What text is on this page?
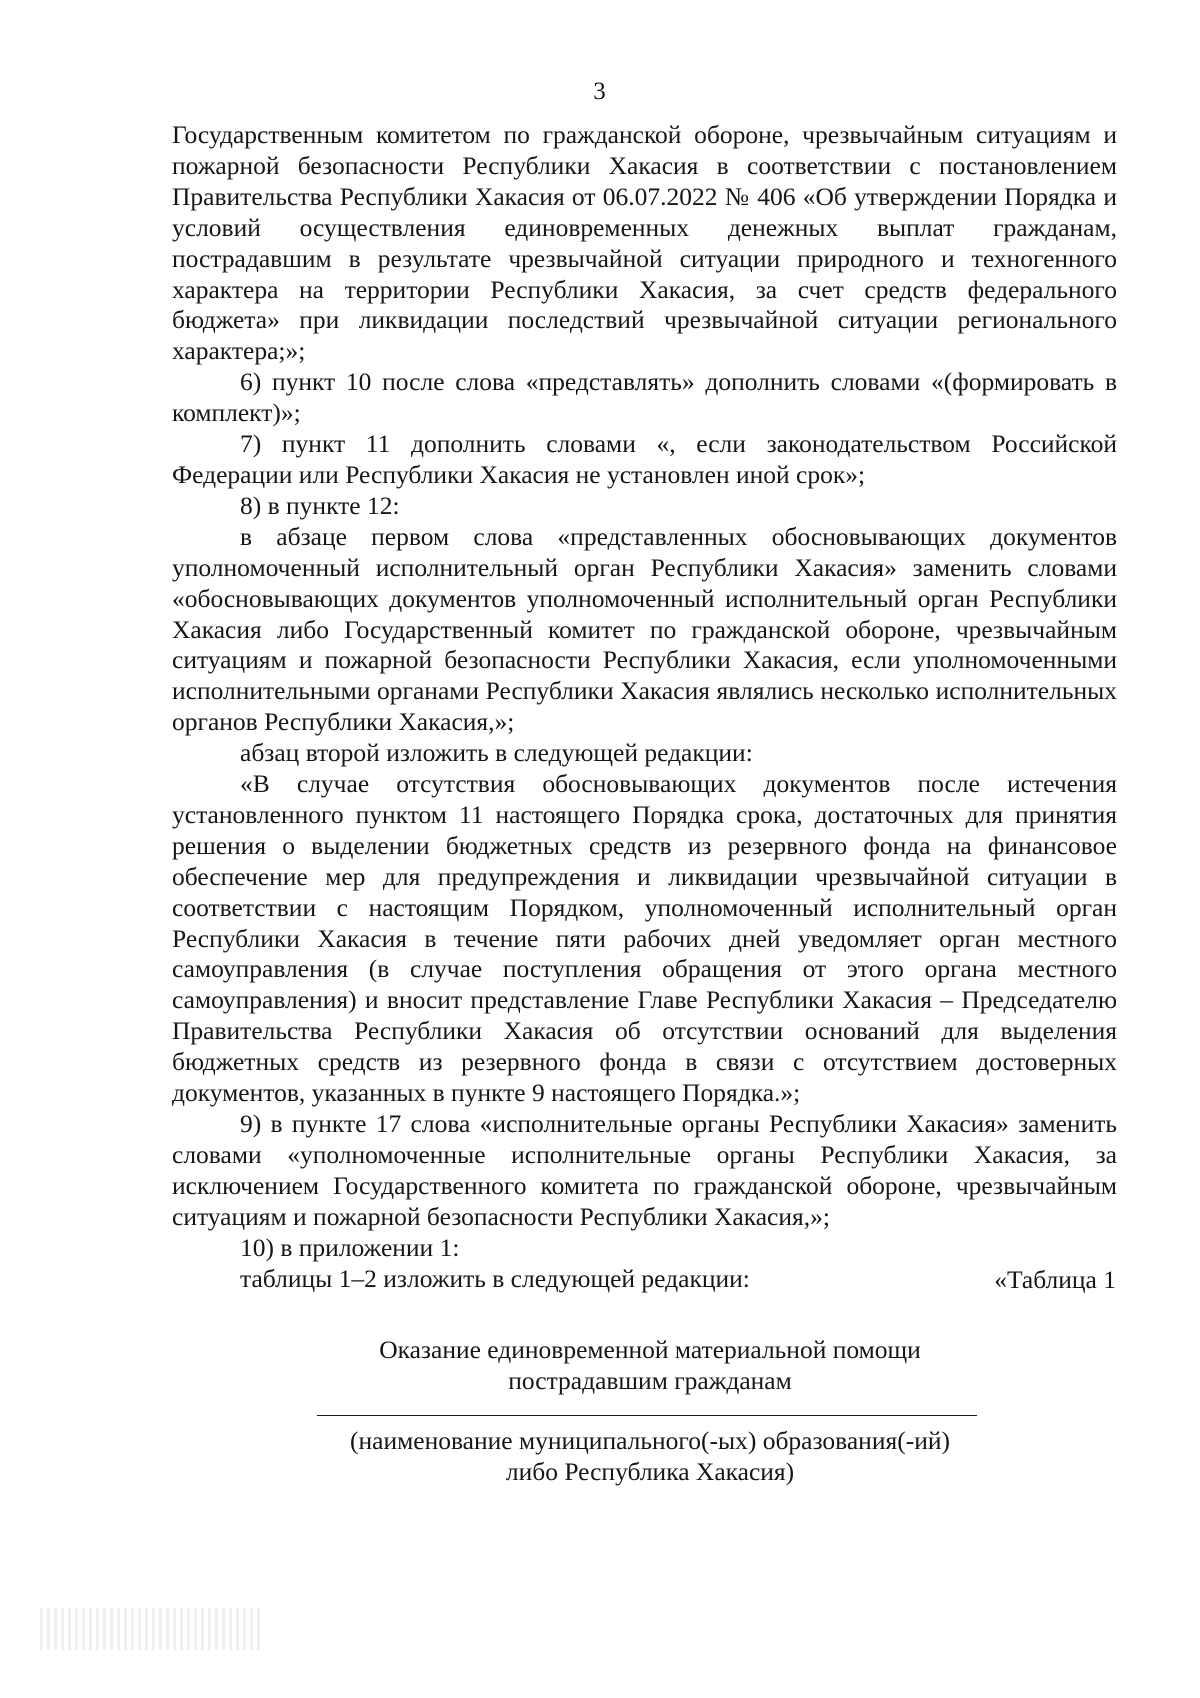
3

Государственным комитетом по гражданской обороне, чрезвычайным ситуациям и пожарной безопасности Республики Хакасия в соответствии с постановлением Правительства Республики Хакасия от 06.07.2022 № 406 «Об утверждении Порядка и условий осуществления единовременных денежных выплат гражданам, пострадавшим в результате чрезвычайной ситуации природного и техногенного характера на территории Республики Хакасия, за счет средств федерального бюджета» при ликвидации последствий чрезвычайной ситуации регионального характера;»;

6) пункт 10 после слова «представлять» дополнить словами «(формировать в комплект)»;

7) пункт 11 дополнить словами «, если законодательством Российской Федерации или Республики Хакасия не установлен иной срок»;

8) в пункте 12:

в абзаце первом слова «представленных обосновывающих документов уполномоченный исполнительный орган Республики Хакасия» заменить словами «обосновывающих документов уполномоченный исполнительный орган Республики Хакасия либо Государственный комитет по гражданской обороне, чрезвычайным ситуациям и пожарной безопасности Республики Хакасия, если уполномоченными исполнительными органами Республики Хакасия являлись несколько исполнительных органов Республики Хакасия,»;

абзац второй изложить в следующей редакции:

«В случае отсутствия обосновывающих документов после истечения установленного пунктом 11 настоящего Порядка срока, достаточных для принятия решения о выделении бюджетных средств из резервного фонда на финансовое обеспечение мер для предупреждения и ликвидации чрезвычайной ситуации в соответствии с настоящим Порядком, уполномоченный исполнительный орган Республики Хакасия в течение пяти рабочих дней уведомляет орган местного самоуправления (в случае поступления обращения от этого органа местного самоуправления) и вносит представление Главе Республики Хакасия – Председателю Правительства Республики Хакасия об отсутствии оснований для выделения бюджетных средств из резервного фонда в связи с отсутствием достоверных документов, указанных в пункте 9 настоящего Порядка.»;

9) в пункте 17 слова «исполнительные органы Республики Хакасия» заменить словами «уполномоченные исполнительные органы Республики Хакасия, за исключением Государственного комитета по гражданской обороне, чрезвычайным ситуациям и пожарной безопасности Республики Хакасия,»;

10) в приложении 1:

таблицы 1–2 изложить в следующей редакции:	«Таблица 1
Оказание единовременной материальной помощи
пострадавшим гражданам
(наименование муниципального(-ых) образования(-ий)
либо Республика Хакасия)
